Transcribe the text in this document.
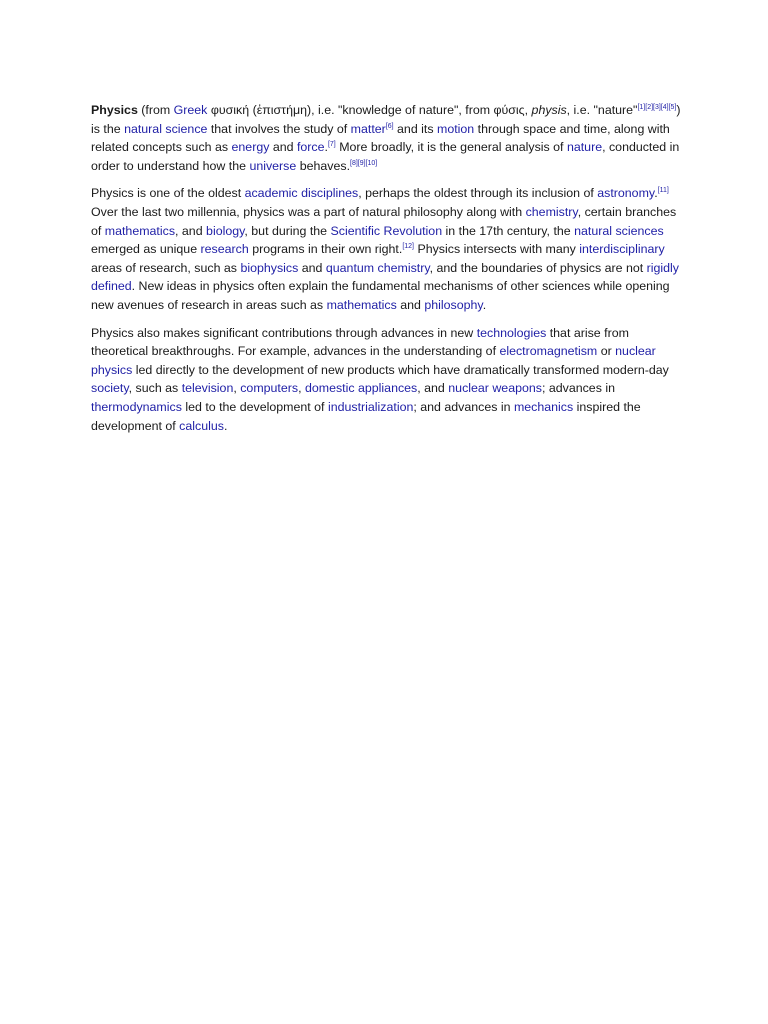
Physics (from Greek φυσική (ἐπιστήμη), i.e. "knowledge of nature", from φύσις, physis, i.e. "nature"[1][2][3][4][5]) is the natural science that involves the study of matter[6] and its motion through space and time, along with related concepts such as energy and force.[7] More broadly, it is the general analysis of nature, conducted in order to understand how the universe behaves.[8][9][10]

Physics is one of the oldest academic disciplines, perhaps the oldest through its inclusion of astronomy.[11] Over the last two millennia, physics was a part of natural philosophy along with chemistry, certain branches of mathematics, and biology, but during the Scientific Revolution in the 17th century, the natural sciences emerged as unique research programs in their own right.[12] Physics intersects with many interdisciplinary areas of research, such as biophysics and quantum chemistry, and the boundaries of physics are not rigidly defined. New ideas in physics often explain the fundamental mechanisms of other sciences while opening new avenues of research in areas such as mathematics and philosophy.

Physics also makes significant contributions through advances in new technologies that arise from theoretical breakthroughs. For example, advances in the understanding of electromagnetism or nuclear physics led directly to the development of new products which have dramatically transformed modern-day society, such as television, computers, domestic appliances, and nuclear weapons; advances in thermodynamics led to the development of industrialization; and advances in mechanics inspired the development of calculus.
